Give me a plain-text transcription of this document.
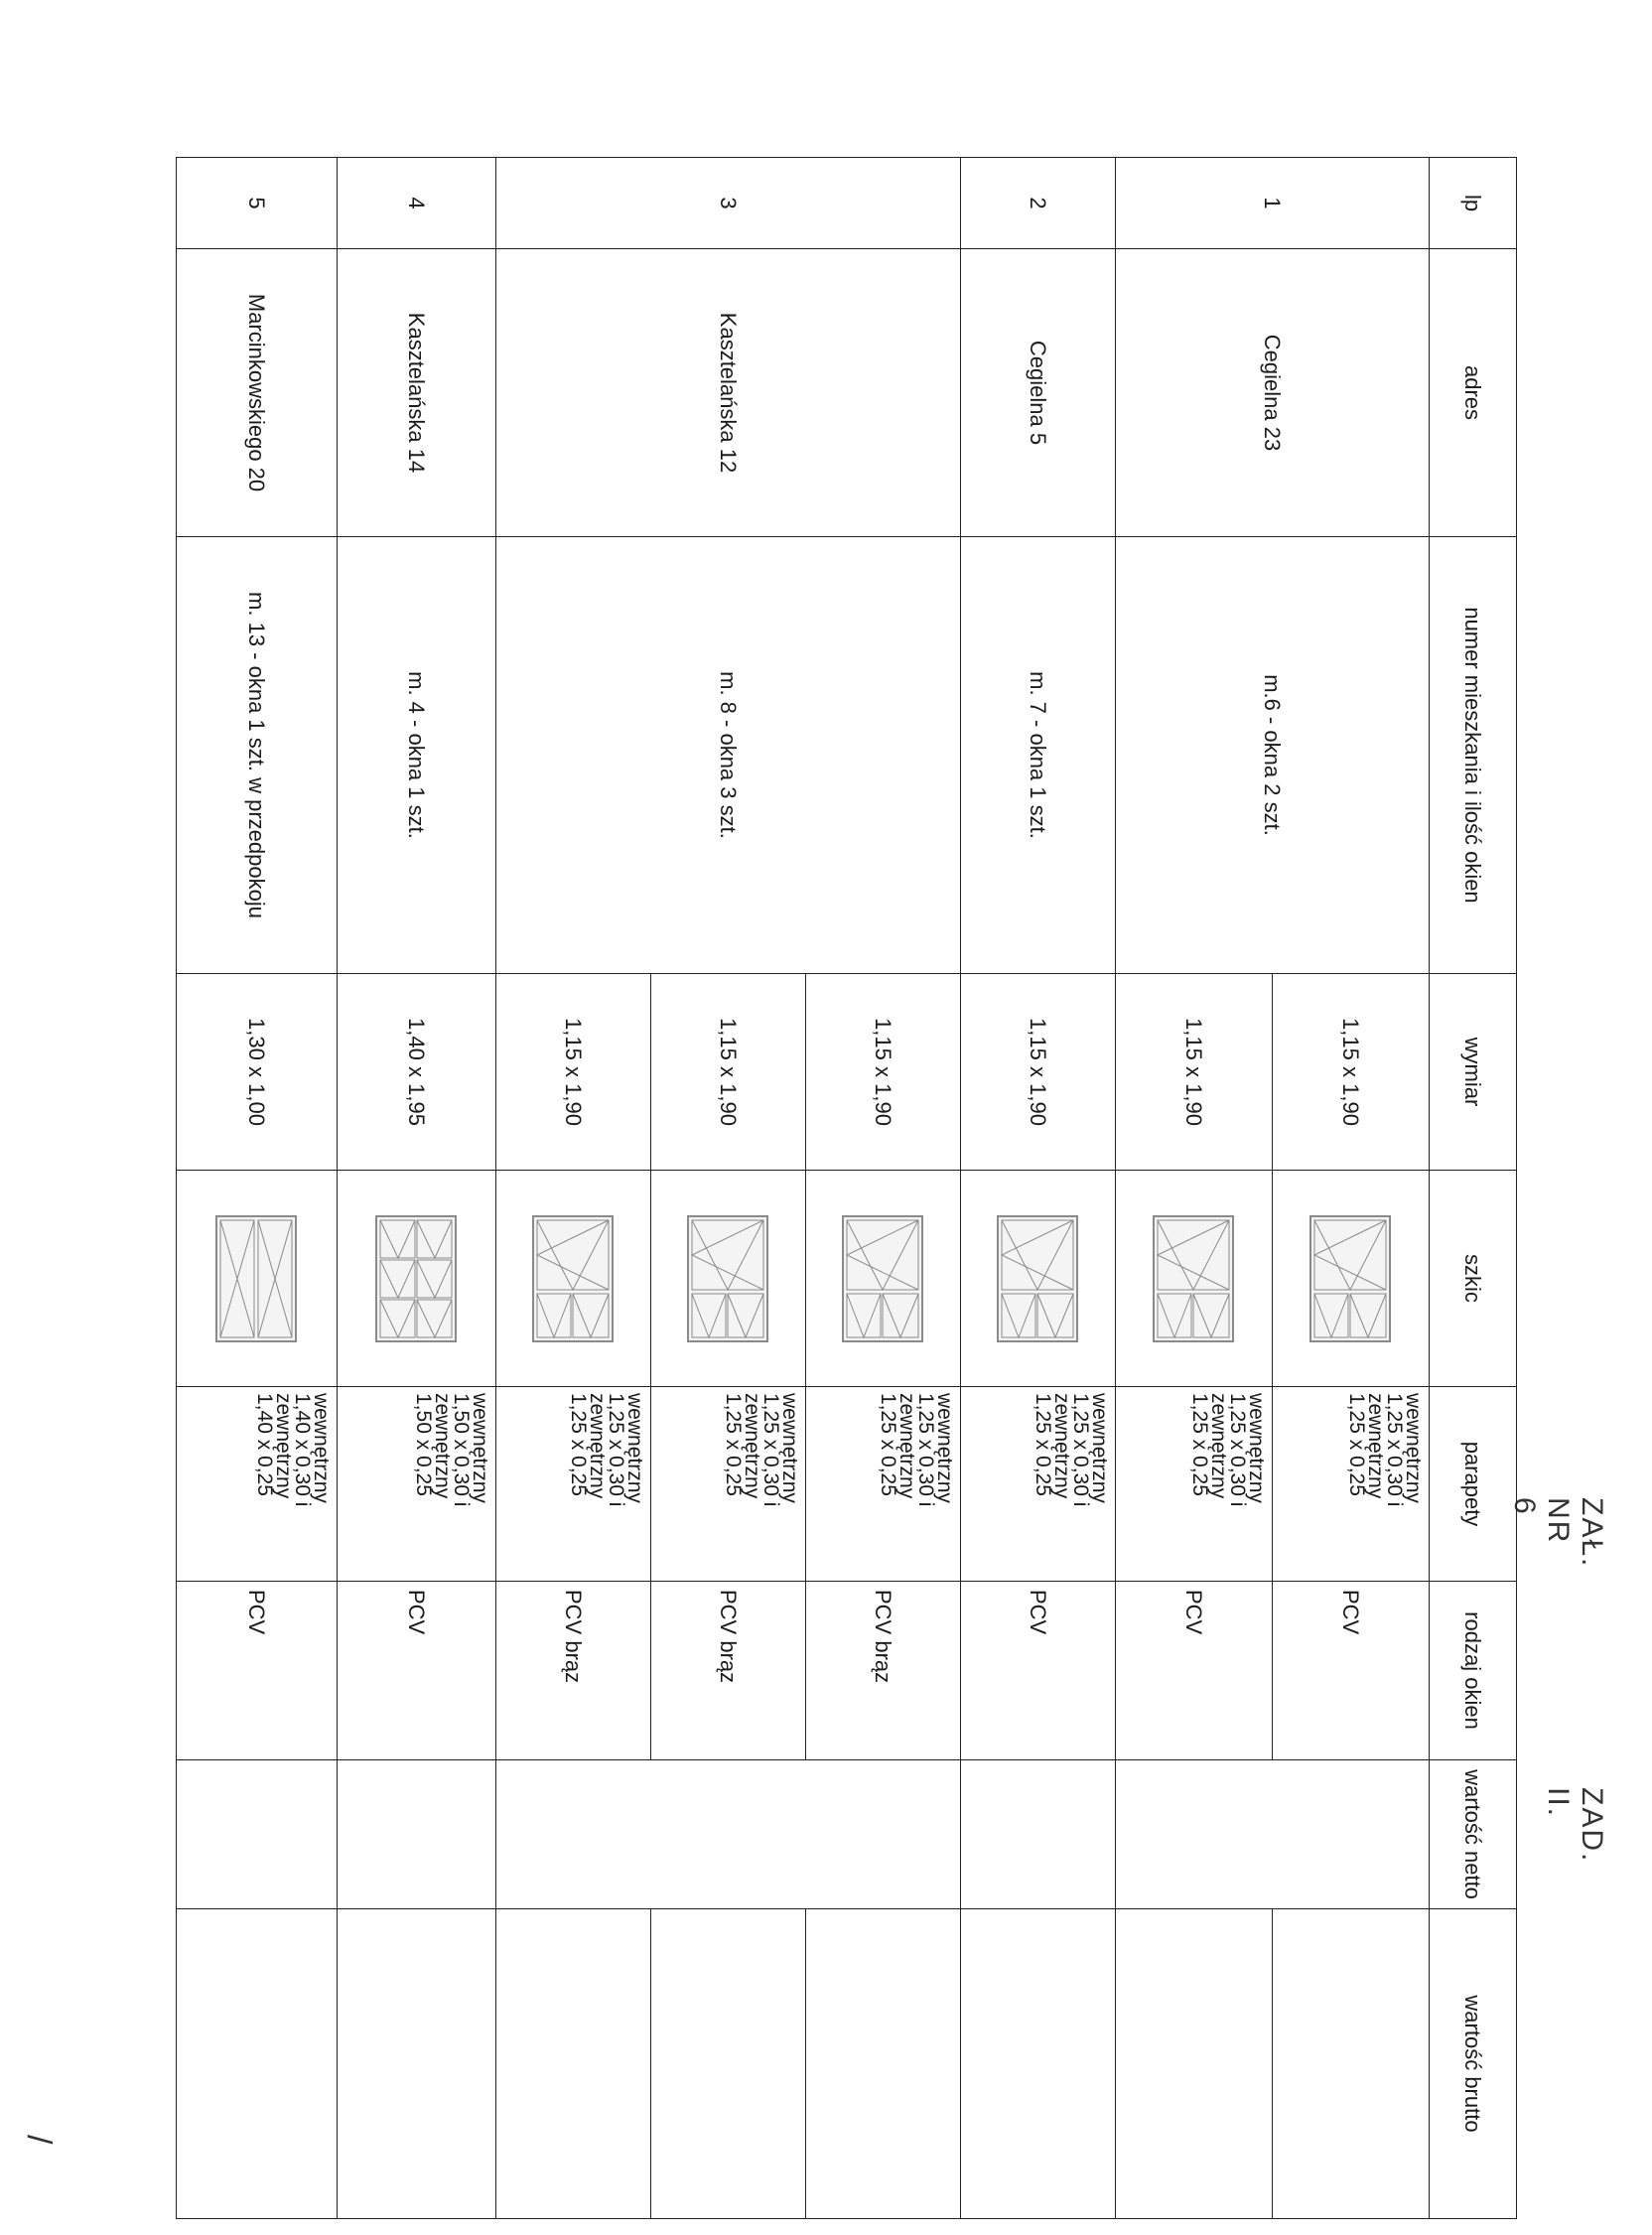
ZAŁ. NR 6
ZAD. II.
/
lp	adres	numer mieszkania i ilość okien	wymiar	szkic	parapety	rodzaj okien	wartość netto	wartość brutto
1	Cegielna 23	m.6 - okna 2 szt.	1,15 x 1,90		wewnętrzny
1,25 x 0,30 i
zewnętrzny
1,25 x 0,25	PCV		
			1,15 x 1,90		wewnętrzny
1,25 x 0,30 i
zewnętrzny
1,25 x 0,25	PCV		
2	Cegielna 5	m. 7 - okna 1 szt.	1,15 x 1,90		wewnętrzny
1,25 x 0,30 i
zewnętrzny
1,25 x 0,25	PCV		
3	Kasztelańska 12	m. 8 - okna 3 szt.	1,15 x 1,90		wewnętrzny
1,25 x 0,30 i
zewnętrzny
1,25 x 0,25	PCV brąz		
			1,15 x 1,90		wewnętrzny
1,25 x 0,30 i
zewnętrzny
1,25 x 0,25	PCV brąz		
			1,15 x 1,90		wewnętrzny
1,25 x 0,30 i
zewnętrzny
1,25 x 0,25	PCV brąz		
4	Kasztelańska 14	m. 4 - okna 1 szt.	1,40 x 1,95		wewnętrzny
1,50 x 0,30 i
zewnętrzny
1,50 x 0,25	PCV		
5	Marcinkowskiego 20	m. 13 - okna 1 szt. w przedpokoju	1,30 x 1,00		wewnętrzny
1,40 x 0,30 i
zewnętrzny
1,40 x 0,25	PCV		
